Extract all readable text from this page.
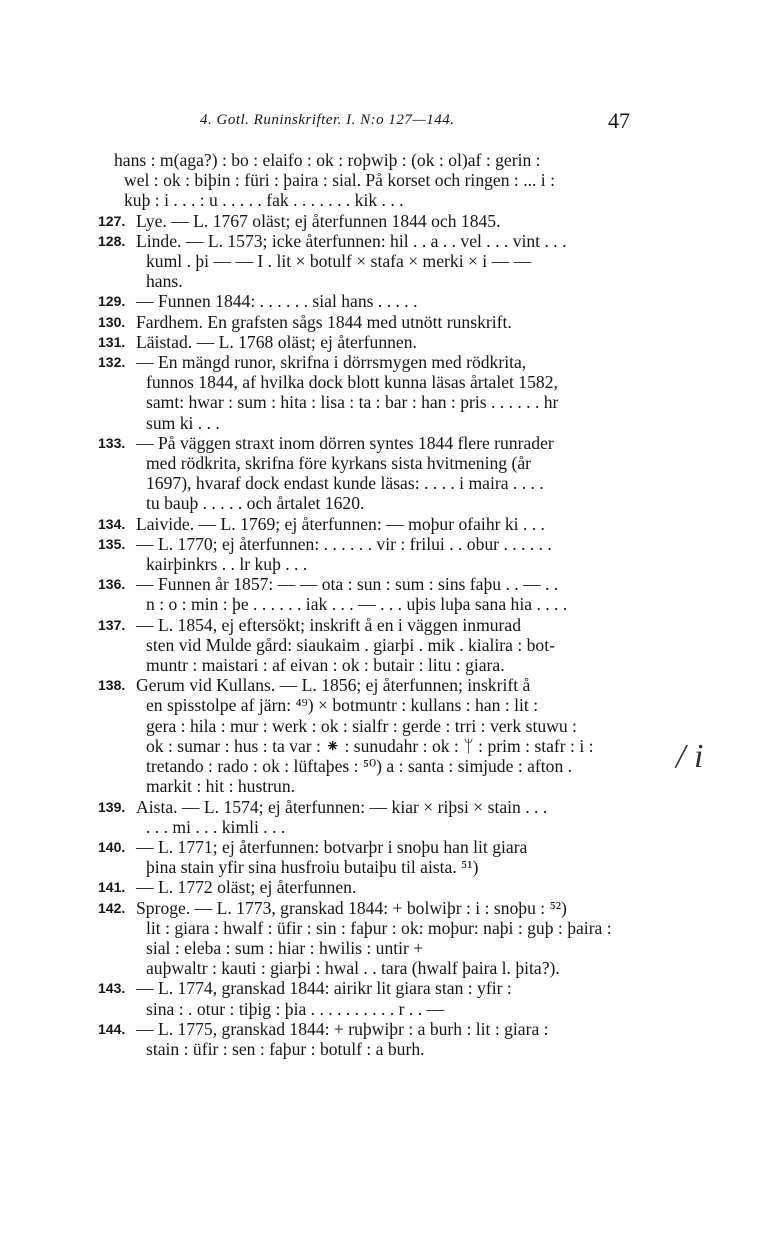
4. Gotl. Runinskrifter. I. N:o 127—144.	47

hans : m(aga?) : bo : elaifo : ok : roþwiþ : (ok : ol)af : gerin :
wel : ok : biþin : füri : þaira : sial. På korset och ringen : ... i :
kuþ : i . . . : u . . . . . fak . . . . . . . kik . . .

127. Lye. — L. 1767 oläst; ej återfunnen 1844 och 1845.

128. Linde. — L. 1573; icke återfunnen: hil . . a . . vel . . . vint . . .
kuml . þi — — I . lit × botulf × stafa × merki × i — —
hans.

129. — Funnen 1844: . . . . . . sial hans . . . . .

130. Fardhem. En grafsten sågs 1844 med utnött runskrift.

131. Läistad. — L. 1768 oläst; ej återfunnen.

132. — En mängd runor, skrifna i dörrsmygen med rödkrita,
funnos 1844, af hvilka dock blott kunna läsas årtalet 1582,
samt: hwar : sum : hita : lisa : ta : bar : han : pris . . . . . . hr
sum ki . . .

133. — På väggen straxt inom dörren syntes 1844 flere runrader
med rödkrita, skrifna före kyrkans sista hvitmening (år
1697), hvaraf dock endast kunde läsas: . . . . i maira . . . .
tu bauþ . . . . . och årtalet 1620.

134. Laivide. — L. 1769; ej återfunnen: — moþur ofaihr ki . . .

135. — L. 1770; ej återfunnen: . . . . . . vir : frilui . . obur . . . . . .
kairþinkrs . . lr kuþ . . .

136. — Funnen år 1857: — — ota : sun : sum : sins faþu . . — . .
n : o : min : þe . . . . . . iak . . . — . . . uþis luþa sana hia . . . .

137. — L. 1854, ej eftersökt; inskrift å en i väggen inmurad
sten vid Mulde gård: siaukaim . giarþi . mik . kialira : bot-
muntr : maistari : af eivan : ok : butair : litu : giara.

138. Gerum vid Kullans. — L. 1856; ej återfunnen; inskrift å
en spisstolpe af järn: ⁴⁹) × botmuntr : kullans : han : lit :
gera : hila : mur : werk : ok : sialfr : gerde : trri : verk stuwu :
ok : sumar : hus : ta var : ⁕ : sunudahr : ok : ᛘ : prim : stafr : i :
tretando : rado : ok : lüftaþes : ⁵⁰) a : santa : simjude : afton .
markit : hit : hustrun.

139. Aista. — L. 1574; ej återfunnen: — kiar × riþsi × stain . . .
. . . mi . . . kimli . . .

140. — L. 1771; ej återfunnen: botvarþr i snoþu han lit giara
þina stain yfir sina husfroiu butaiþu til aista. ⁵¹)

141. — L. 1772 oläst; ej återfunnen.

142. Sproge. — L. 1773, granskad 1844: + bolwiþr : i : snoþu : ⁵²)
lit : giara : hwalf : üfir : sin : faþur : ok: moþur: naþi : guþ : þaira :
sial : eleba : sum : hiar : hwilis : untir +
auþwaltr : kauti : giarþi : hwal . . tara (hwalf þaira l. þita?).

143. — L. 1774, granskad 1844: airikr lit giara stan : yfir :
sina : . otur : tiþig : þia . . . . . . . . . . r . . —

144. — L. 1775, granskad 1844: + ruþwiþr : a burh : lit : giara :
stain : üfir : sen : faþur : botulf : a burh.

/ i
